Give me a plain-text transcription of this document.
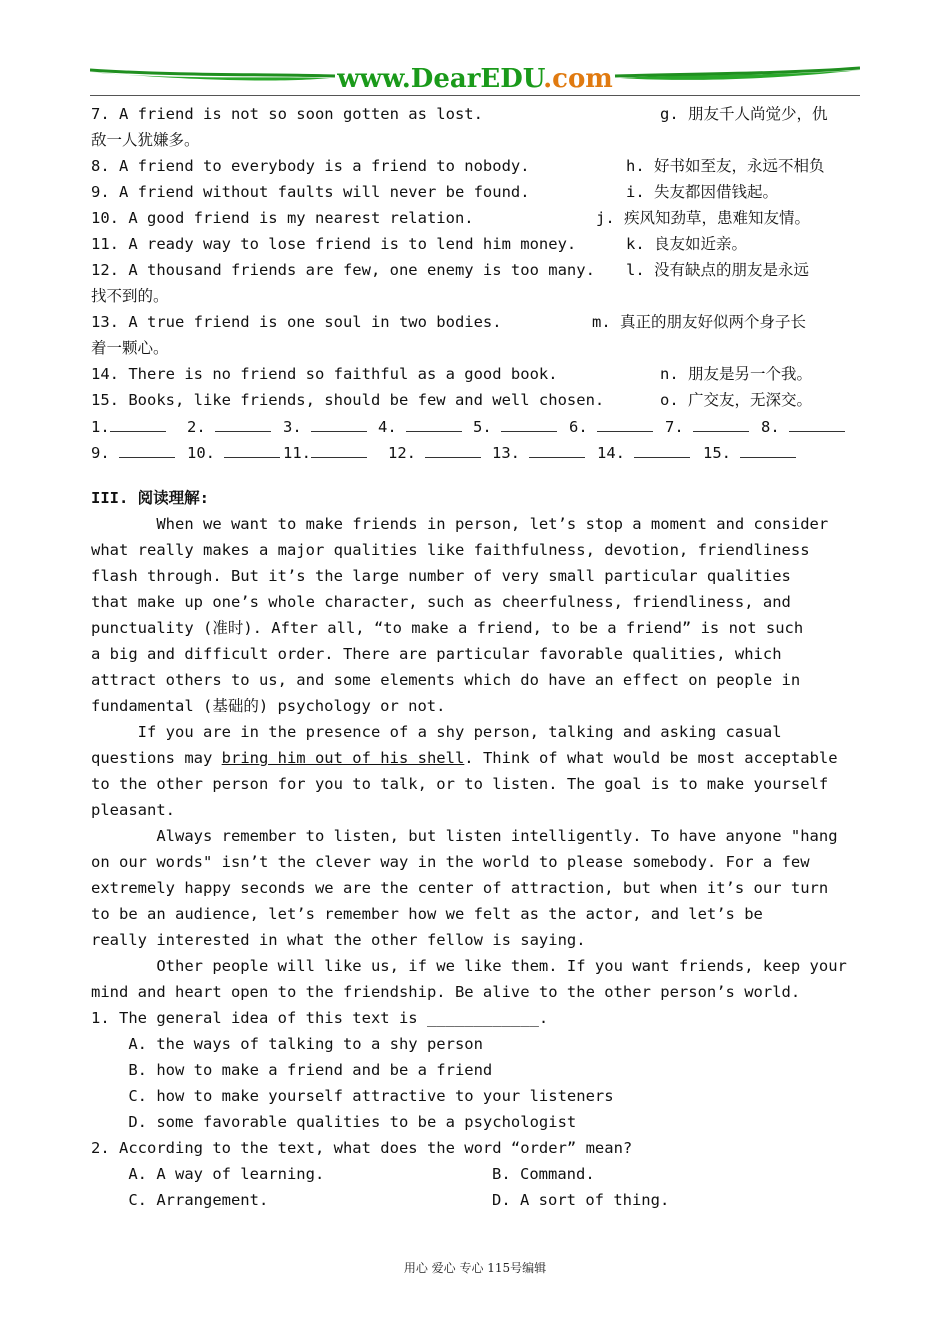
www.DearEDU.com
7. A friend is not so soon gotten as lost.	g. 朋友千人尚觉少，仇
敌一人犹嫌多。
8. A friend to everybody is a friend to nobody.	h. 好书如至友，永远不相负
9. A friend without faults will never be found.	i. 失友都因借钱起。
10. A good friend is my nearest relation.	j. 疾风知劲草，患难知友情。
11. A ready way to lose friend is to lend him money.	k. 良友如近亲。
12. A thousand friends are few, one enemy is too many. l. 没有缺点的朋友是永远
找不到的。
13. A true friend is one soul in two bodies.	m. 真正的朋友好似两个身子长
着一颗心。
14. There is no friend so faithful as a good book.	n. 朋友是另一个我。
15. Books, like friends, should be few and well chosen.	o. 广交友，无深交。

1.

	2.

	3.

	4.

	5.

	6.

	7.

	8.

9.

	10.

	11.

	12.

	13.

	14.

	15.

III. 阅读理解:
When we want to make friends in person, let’s stop a moment and consider
what really makes a major qualities like faithfulness, devotion, friendliness
flash through. But it’s the large number of very small particular qualities
that make up one’s whole character, such as cheerfulness, friendliness, and
punctuality (准时). After all, “to make a friend, to be a friend” is not such
a big and difficult order. There are particular favorable qualities, which
attract others to us, and some elements which do have an effect on people in
fundamental (基础的) psychology or not.
If you are in the presence of a shy person, talking and asking casual
questions may bring him out of his shell. Think of what would be most acceptable
to the other person for you to talk, or to listen. The goal is to make yourself
pleasant.
Always remember to listen, but listen intelligently. To have anyone "hang
on our words" isn’t the clever way in the world to please somebody. For a few
extremely happy seconds we are the center of attraction, but when it’s our turn
to be an audience, let’s remember how we felt as the actor, and let’s be
really interested in what the other fellow is saying.
Other people will like us, if we like them. If you want friends, keep your
mind and heart open to the friendship. Be alive to the other person’s world.
1. The general idea of this text is ____________.
A. the ways of talking to a shy person
B. how to make a friend and be a friend
C. how to make yourself attractive to your listeners
D. some favorable qualities to be a psychologist
2. According to the text, what does the word “order” mean?
A. A way of learning.	B. Command.
C. Arrangement.	D. A sort of thing.
用心 爱心 专心 115号编辑
